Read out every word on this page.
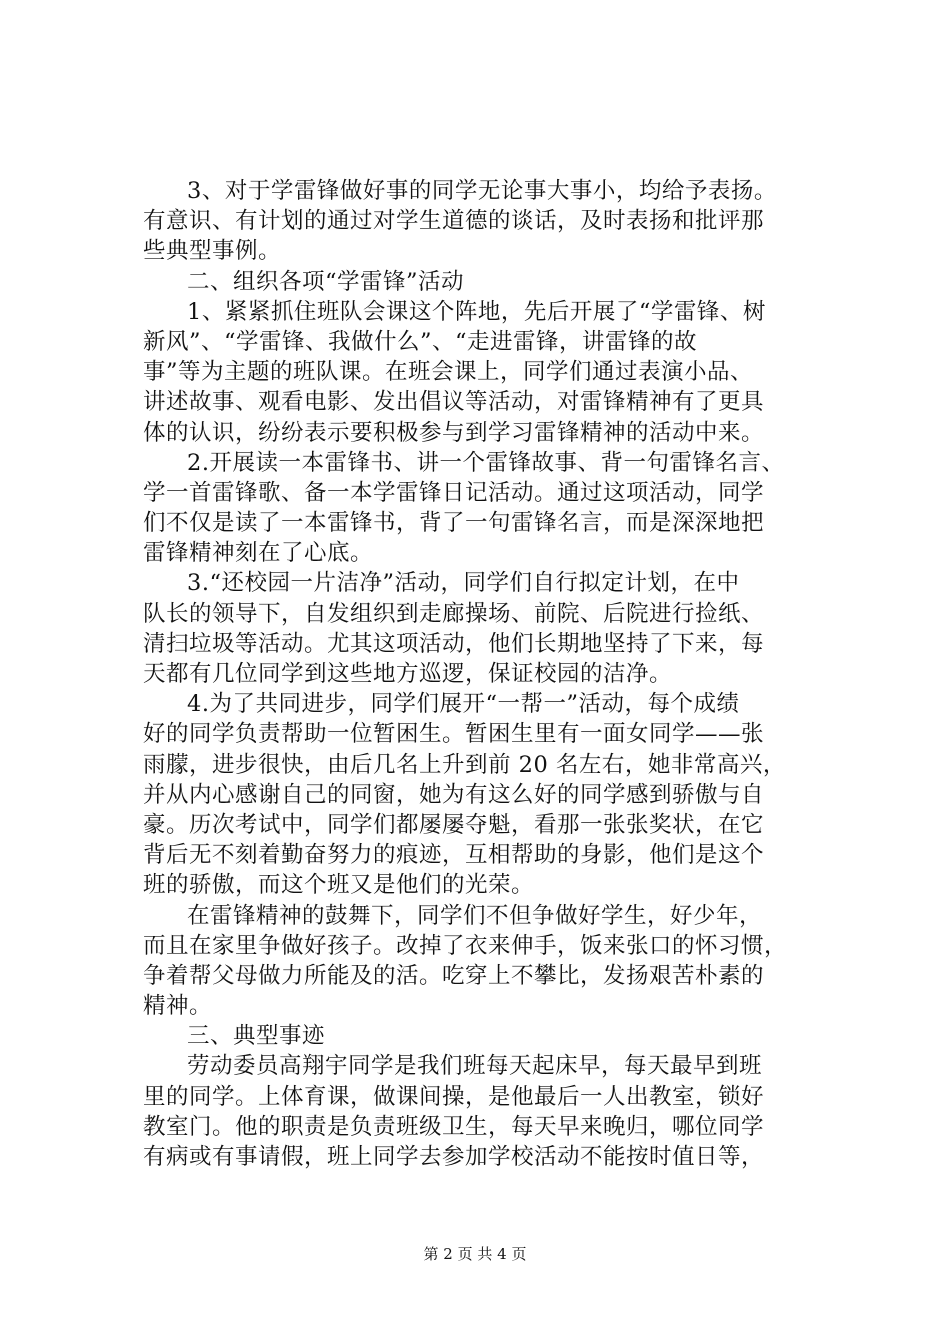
3、对于学雷锋做好事的同学无论事大事小，均给予表扬。
有意识、有计划的通过对学生道德的谈话，及时表扬和批评那
些典型事例。
二、组织各项“学雷锋”活动
1、紧紧抓住班队会课这个阵地，先后开展了“学雷锋、树
新风”、“学雷锋、我做什么”、“走进雷锋，讲雷锋的故
事”等为主题的班队课。在班会课上，同学们通过表演小品、
讲述故事、观看电影、发出倡议等活动，对雷锋精神有了更具
体的认识，纷纷表示要积极参与到学习雷锋精神的活动中来。
2.开展读一本雷锋书、讲一个雷锋故事、背一句雷锋名言、
学一首雷锋歌、备一本学雷锋日记活动。通过这项活动，同学
们不仅是读了一本雷锋书，背了一句雷锋名言，而是深深地把
雷锋精神刻在了心底。
3.“还校园一片洁净”活动，同学们自行拟定计划，在中
队长的领导下，自发组织到走廊操场、前院、后院进行捡纸、
清扫垃圾等活动。尤其这项活动，他们长期地坚持了下来，每
天都有几位同学到这些地方巡逻，保证校园的洁净。
4.为了共同进步，同学们展开“一帮一”活动，每个成绩
好的同学负责帮助一位暂困生。暂困生里有一面女同学——张
雨朦，进步很快，由后几名上升到前 20 名左右，她非常高兴，
并从内心感谢自己的同窗，她为有这么好的同学感到骄傲与自
豪。历次考试中，同学们都屡屡夺魁，看那一张张奖状，在它
背后无不刻着勤奋努力的痕迹，互相帮助的身影，他们是这个
班的骄傲，而这个班又是他们的光荣。
在雷锋精神的鼓舞下，同学们不但争做好学生，好少年，
而且在家里争做好孩子。改掉了衣来伸手，饭来张口的怀习惯，
争着帮父母做力所能及的活。吃穿上不攀比，发扬艰苦朴素的
精神。
三、典型事迹
劳动委员高翔宇同学是我们班每天起床早，每天最早到班
里的同学。上体育课，做课间操，是他最后一人出教室，锁好
教室门。他的职责是负责班级卫生，每天早来晚归，哪位同学
有病或有事请假，班上同学去参加学校活动不能按时值日等，
第 2 页 共 4 页
